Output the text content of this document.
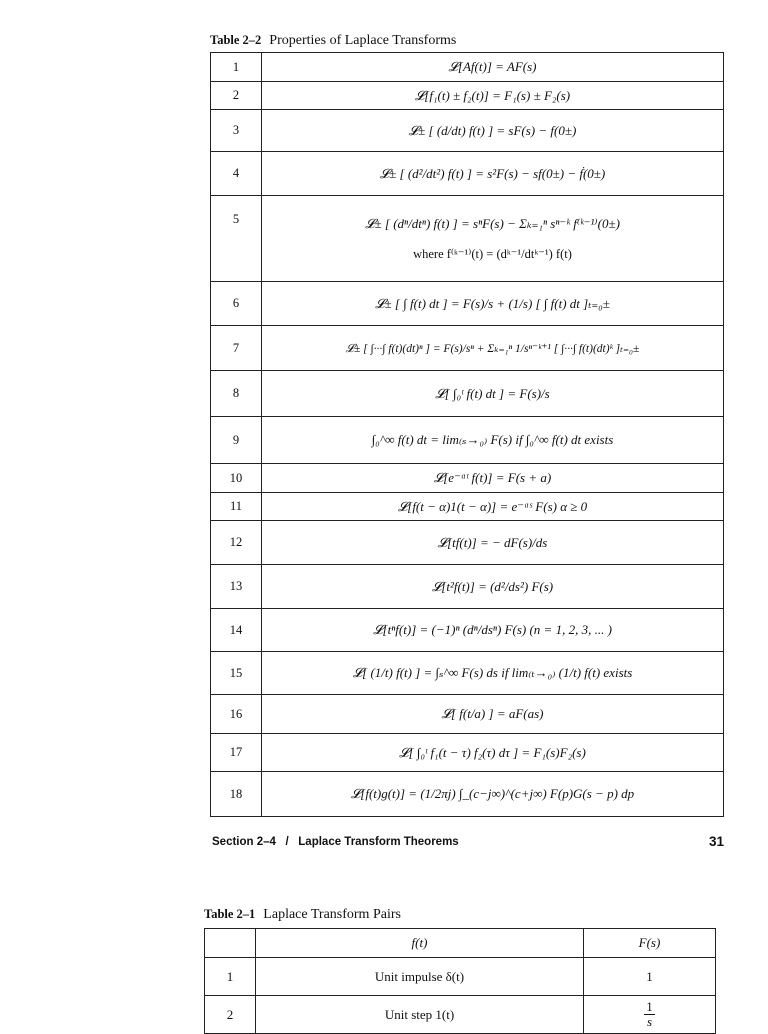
Table 2–2 Properties of Laplace Transforms
1	𝓛[Af(t)] = AF(s)
2	𝓛[f₁(t) ± f₂(t)] = F₁(s) ± F₂(s)
3	𝓛± [ (d/dt) f(t) ] = sF(s) − f(0±)
4	𝓛± [ (d²/dt²) f(t) ] = s²F(s) − sf(0±) − ḟ(0±)
5	𝓛± [ (dⁿ/dtⁿ) f(t) ] = sⁿF(s) − Σₖ₌₁ⁿ sⁿ⁻ᵏ f⁽ᵏ⁻¹⁾(0±)
where f⁽ᵏ⁻¹⁾(t) = (dᵏ⁻¹/dtᵏ⁻¹) f(t)

6	𝓛± [ ∫ f(t) dt ] = F(s)/s + (1/s) [ ∫ f(t) dt ]ₜ₌₀±
7	𝓛± [ ∫···∫ f(t)(dt)ⁿ ] = F(s)/sⁿ + Σₖ₌₁ⁿ 1/sⁿ⁻ᵏ⁺¹ [ ∫···∫ f(t)(dt)ᵏ ]ₜ₌₀±
8	𝓛[ ∫₀ᵗ f(t) dt ] = F(s)/s
9	∫₀^∞ f(t) dt = lim₍ₛ→₀₎ F(s) if ∫₀^∞ f(t) dt exists
10	𝓛[e⁻ᵅᵗ f(t)] = F(s + a)
11	𝓛[f(t − α)1(t − α)] = e⁻ᵅˢ F(s) α ≥ 0
12	𝓛[tf(t)] = − dF(s)/ds
13	𝓛[t²f(t)] = (d²/ds²) F(s)
14	𝓛[tⁿf(t)] = (−1)ⁿ (dⁿ/dsⁿ) F(s) (n = 1, 2, 3, ... )
15	𝓛[ (1/t) f(t) ] = ∫ₛ^∞ F(s) ds if lim₍ₜ→₀₎ (1/t) f(t) exists
16	𝓛[ f(t/a) ] = aF(as)
17	𝓛[ ∫₀ᵗ f₁(t − τ) f₂(τ) dτ ] = F₁(s)F₂(s)
18	𝓛[f(t)g(t)] = (1/2πj) ∫_(c−j∞)^(c+j∞) F(p)G(s − p) dp
Section 2–4   /   Laplace Transform Theorems	31
Table 2–1 Laplace Transform Pairs
	f(t)	F(s)
1	Unit impulse δ(t)	1
2	Unit step 1(t)	$\frac{1}{s}$
